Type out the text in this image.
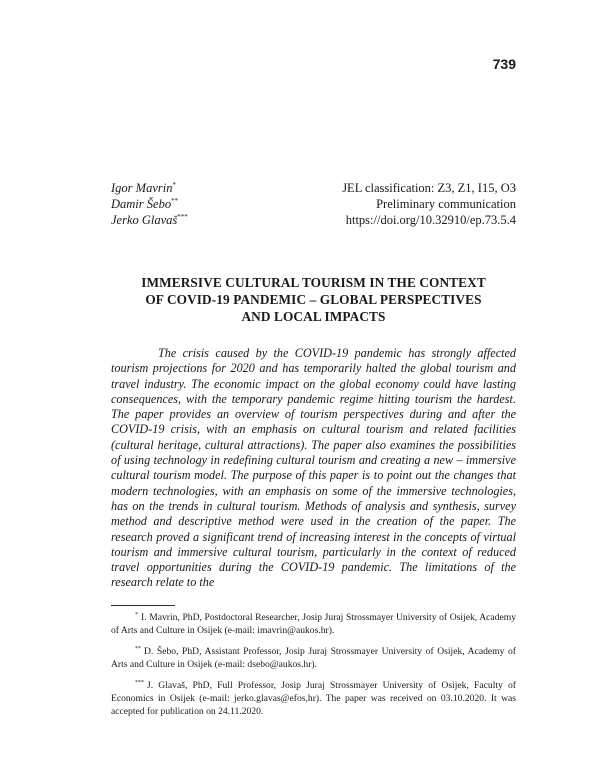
739
Igor Mavrin*
Damir Šebo**
Jerko Glavaš***
JEL classification: Z3, Z1, I15, O3
Preliminary communication
https://doi.org/10.32910/ep.73.5.4
IMMERSIVE CULTURAL TOURISM IN THE CONTEXT
OF COVID-19 PANDEMIC – GLOBAL PERSPECTIVES
AND LOCAL IMPACTS

The crisis caused by the COVID-19 pandemic has strongly affected tourism projections for 2020 and has temporarily halted the global tourism and travel industry. The economic impact on the global economy could have lasting consequences, with the temporary pandemic regime hitting tourism the hardest. The paper provides an overview of tourism perspectives during and after the COVID-19 crisis, with an emphasis on cultural tourism and related facilities (cultural heritage, cultural attractions). The paper also examines the possibilities of using technology in redefining cultural tourism and creating a new – immersive cultural tourism model. The purpose of this paper is to point out the changes that modern technologies, with an emphasis on some of the immersive technologies, has on the trends in cultural tourism. Methods of analysis and synthesis, survey method and descriptive method were used in the creation of the paper. The research proved a significant trend of increasing interest in the concepts of virtual tourism and immersive cultural tourism, particularly in the context of reduced travel opportunities during the COVID-19 pandemic. The limitations of the research relate to the

* I. Mavrin, PhD, Postdoctoral Researcher, Josip Juraj Strossmayer University of Osijek, Academy of Arts and Culture in Osijek (e-mail: imavrin@aukos.hr).

** D. Šebo, PhD, Assistant Professor, Josip Juraj Strossmayer University of Osijek, Academy of Arts and Culture in Osijek (e-mail: dsebo@aukos.hr).

*** J. Glavaš, PhD, Full Professor, Josip Juraj Strossmayer University of Osijek, Faculty of Economics in Osijek (e-mail: jerko.glavas@efos,hr). The paper was received on 03.10.2020. It was accepted for publication on 24.11.2020.
